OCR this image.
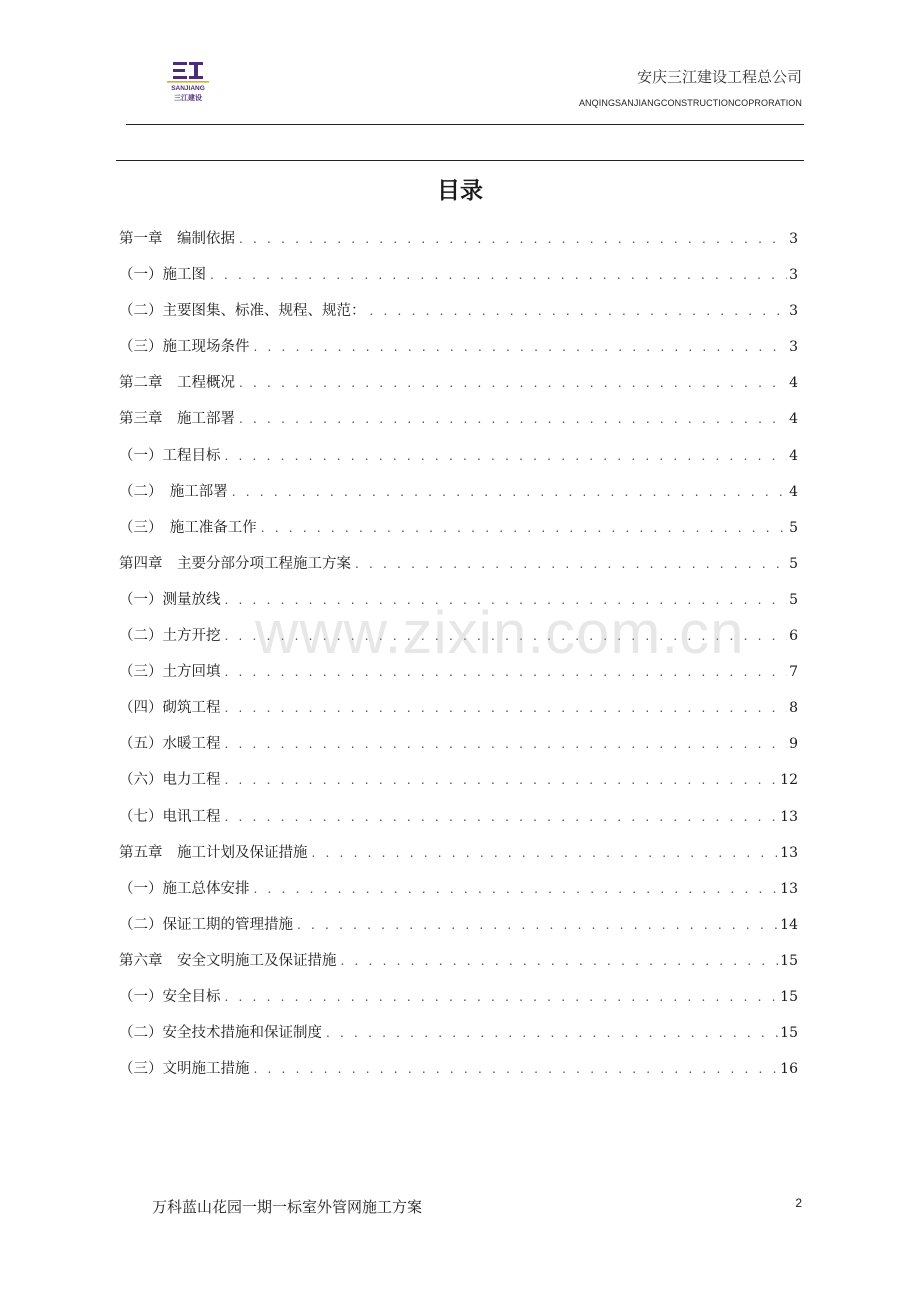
SANJIANG
三江建设
安庆三江建设工程总公司
ANQINGSANJIANGCONSTRUCTIONCOPRORATION
目录
第一章　编制依据 . . .	3
（一）施工图 . . .	3
（二）主要图集、标准、规程、规范： . . .	3
（三）施工现场条件 . . .	3
第二章　工程概况 . . .	4
第三章　施工部署 . . .	4
（一）工程目标 . . .	4
（二） 施工部署 . . .	4
（三） 施工准备工作 . . .	5
第四章　主要分部分项工程施工方案 . . .	5
（一）测量放线 . . .	5
（二）土方开挖 . . .	6
（三）土方回填 . . .	7
（四）砌筑工程 . . .	8
（五）水暖工程 . . .	9
（六）电力工程 . . .	12
（七）电讯工程 . . .	13
第五章　施工计划及保证措施 . . .	13
（一）施工总体安排 . . .	13
（二）保证工期的管理措施 . . .	14
第六章　安全文明施工及保证措施 . . .	15
（一）安全目标 . . .	15
（二）安全技术措施和保证制度 . . .	15
（三）文明施工措施 . . .	16
www.zixin.com.cn
万科蓝山花园一期一标室外管网施工方案	2
